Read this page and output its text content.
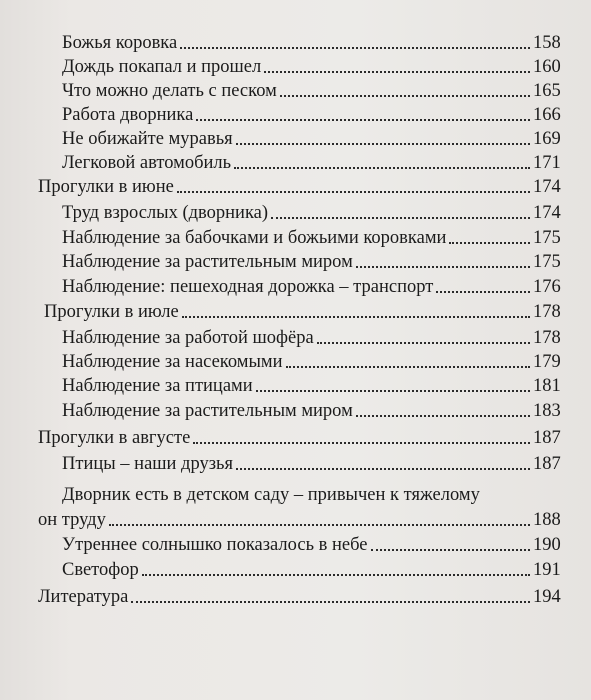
Божья коровка	158
Дождь покапал и прошел	160
Что можно делать с песком	165
Работа дворника	166
Не обижайте муравья	169
Легковой автомобиль	171
Прогулки в июне	174
Труд взрослых (дворника)	174
Наблюдение за бабочками и божьими коровками	175
Наблюдение за растительным миром	175
Наблюдение: пешеходная дорожка – транспорт	176
Прогулки в июле	178
Наблюдение за работой шофёра	178
Наблюдение за насекомыми	179
Наблюдение за птицами	181
Наблюдение за растительным миром	183
Прогулки в августе	187
Птицы – наши друзья	187
Дворник есть в детском саду – привычен к тяжелому
он труду	188
Утреннее солнышко показалось в небе	190
Светофор	191
Литература	194
